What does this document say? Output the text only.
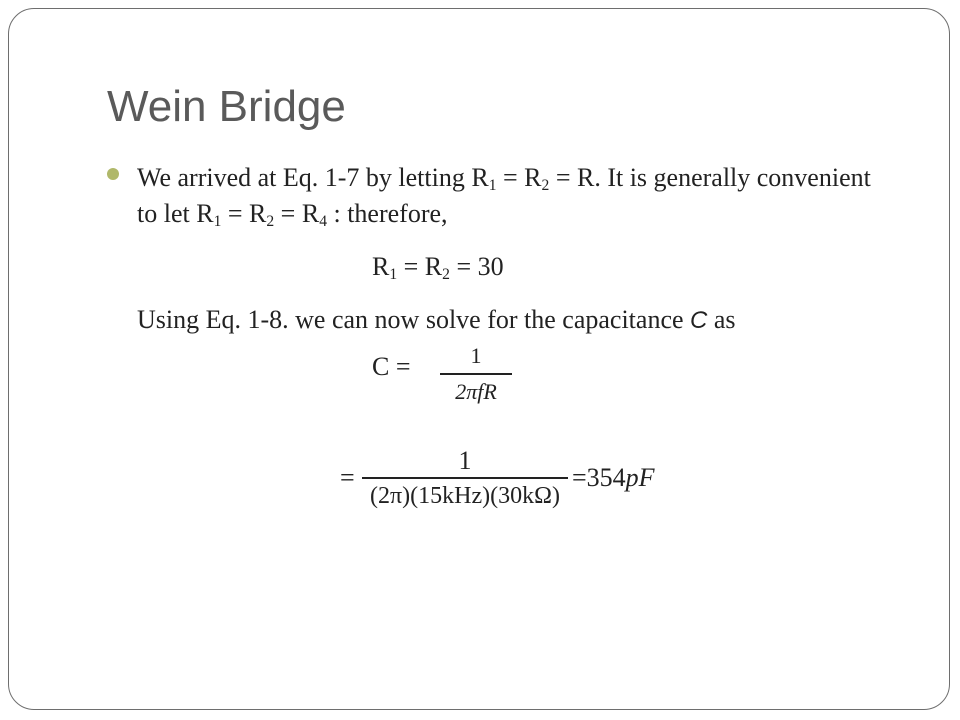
Wein Bridge
We arrived at Eq. 1-7 by letting $R_1 = R_2 = R$. It is generally convenient to let $R_1 = R_2 = R_4$ : therefore,
$R_1 = R_2 = 30$
Using Eq. 1-8. we can now solve for the capacitance C as
C =	1
2πfR
=
1
(2π)(15kHz)(30kΩ)
=354pF
